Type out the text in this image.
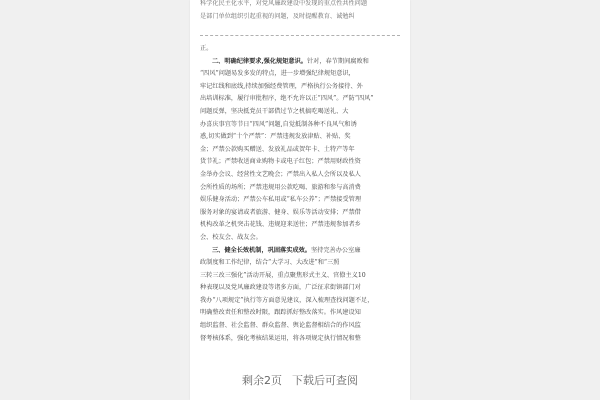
科学化民主化水平，对党风廉政建设中发现的重点性共性问题
是部门单位组织引起重视的问题，及时提醒教育、诚勉纠
正。
二、明确纪律要求,强化规矩意识。针对，春节期间腐败和
“四风”问题易发多发的特点，进一步增强纪律规矩意识，
牢记红线和底线,持续加强经费管理，严格执行公务接待、外
出培训标准，履行审批程序，绝不允许以正“四风”。严防“四风”
问题反弹，坚决抵党员干部借过节之机搞吃喝送礼、大
办喜庆事宜等节日“四风”问题,自觉抵制各种不良风气和诱
惑,切实做到“十个严禁”：严禁违规发放津贴、补贴、奖
金；严禁公款购买赠送、发放礼品或贺年卡、土特产等年
货节礼；严禁收送商业购物卡或电子红包；严禁用财政性资
金举办会议、经营性文艺晚会；严禁出入私人会所以及私人
会所性质的场所；严禁违规用公款吃喝、旅游和参与高消费
娱乐健身活动；严禁公车私用或“私车公养”；严禁接受管理
服务对象的宴请或者旅游、健身、娱乐等活动安排；严禁借
机构改革之机突击花钱、违规迎来送往；严禁违规参加者乡
会、校友会、战友会。
三、健全长效机制，巩固落实成效。坚持完善办公室廉
政制度和工作纪律，结合“大学习、大改进”和“三照
三转三改三强化”活动开展，重点聚焦形式主义、官僚主义10
种表现以及党风廉政建设等诸多方面，广泛征求街镇部门对
我办“八项规定”执行等方面意见建议，深入梳理查找问题不足，
明确整改责任和整改时限，跟踪抓好整改落实。作风建设知
组织监督、社会监督、群众监督、舆论监督相结合的作风监
督考核体系，强化考核结果运用，将各项规定执行情况和整
剩余2页 下载后可查阅
